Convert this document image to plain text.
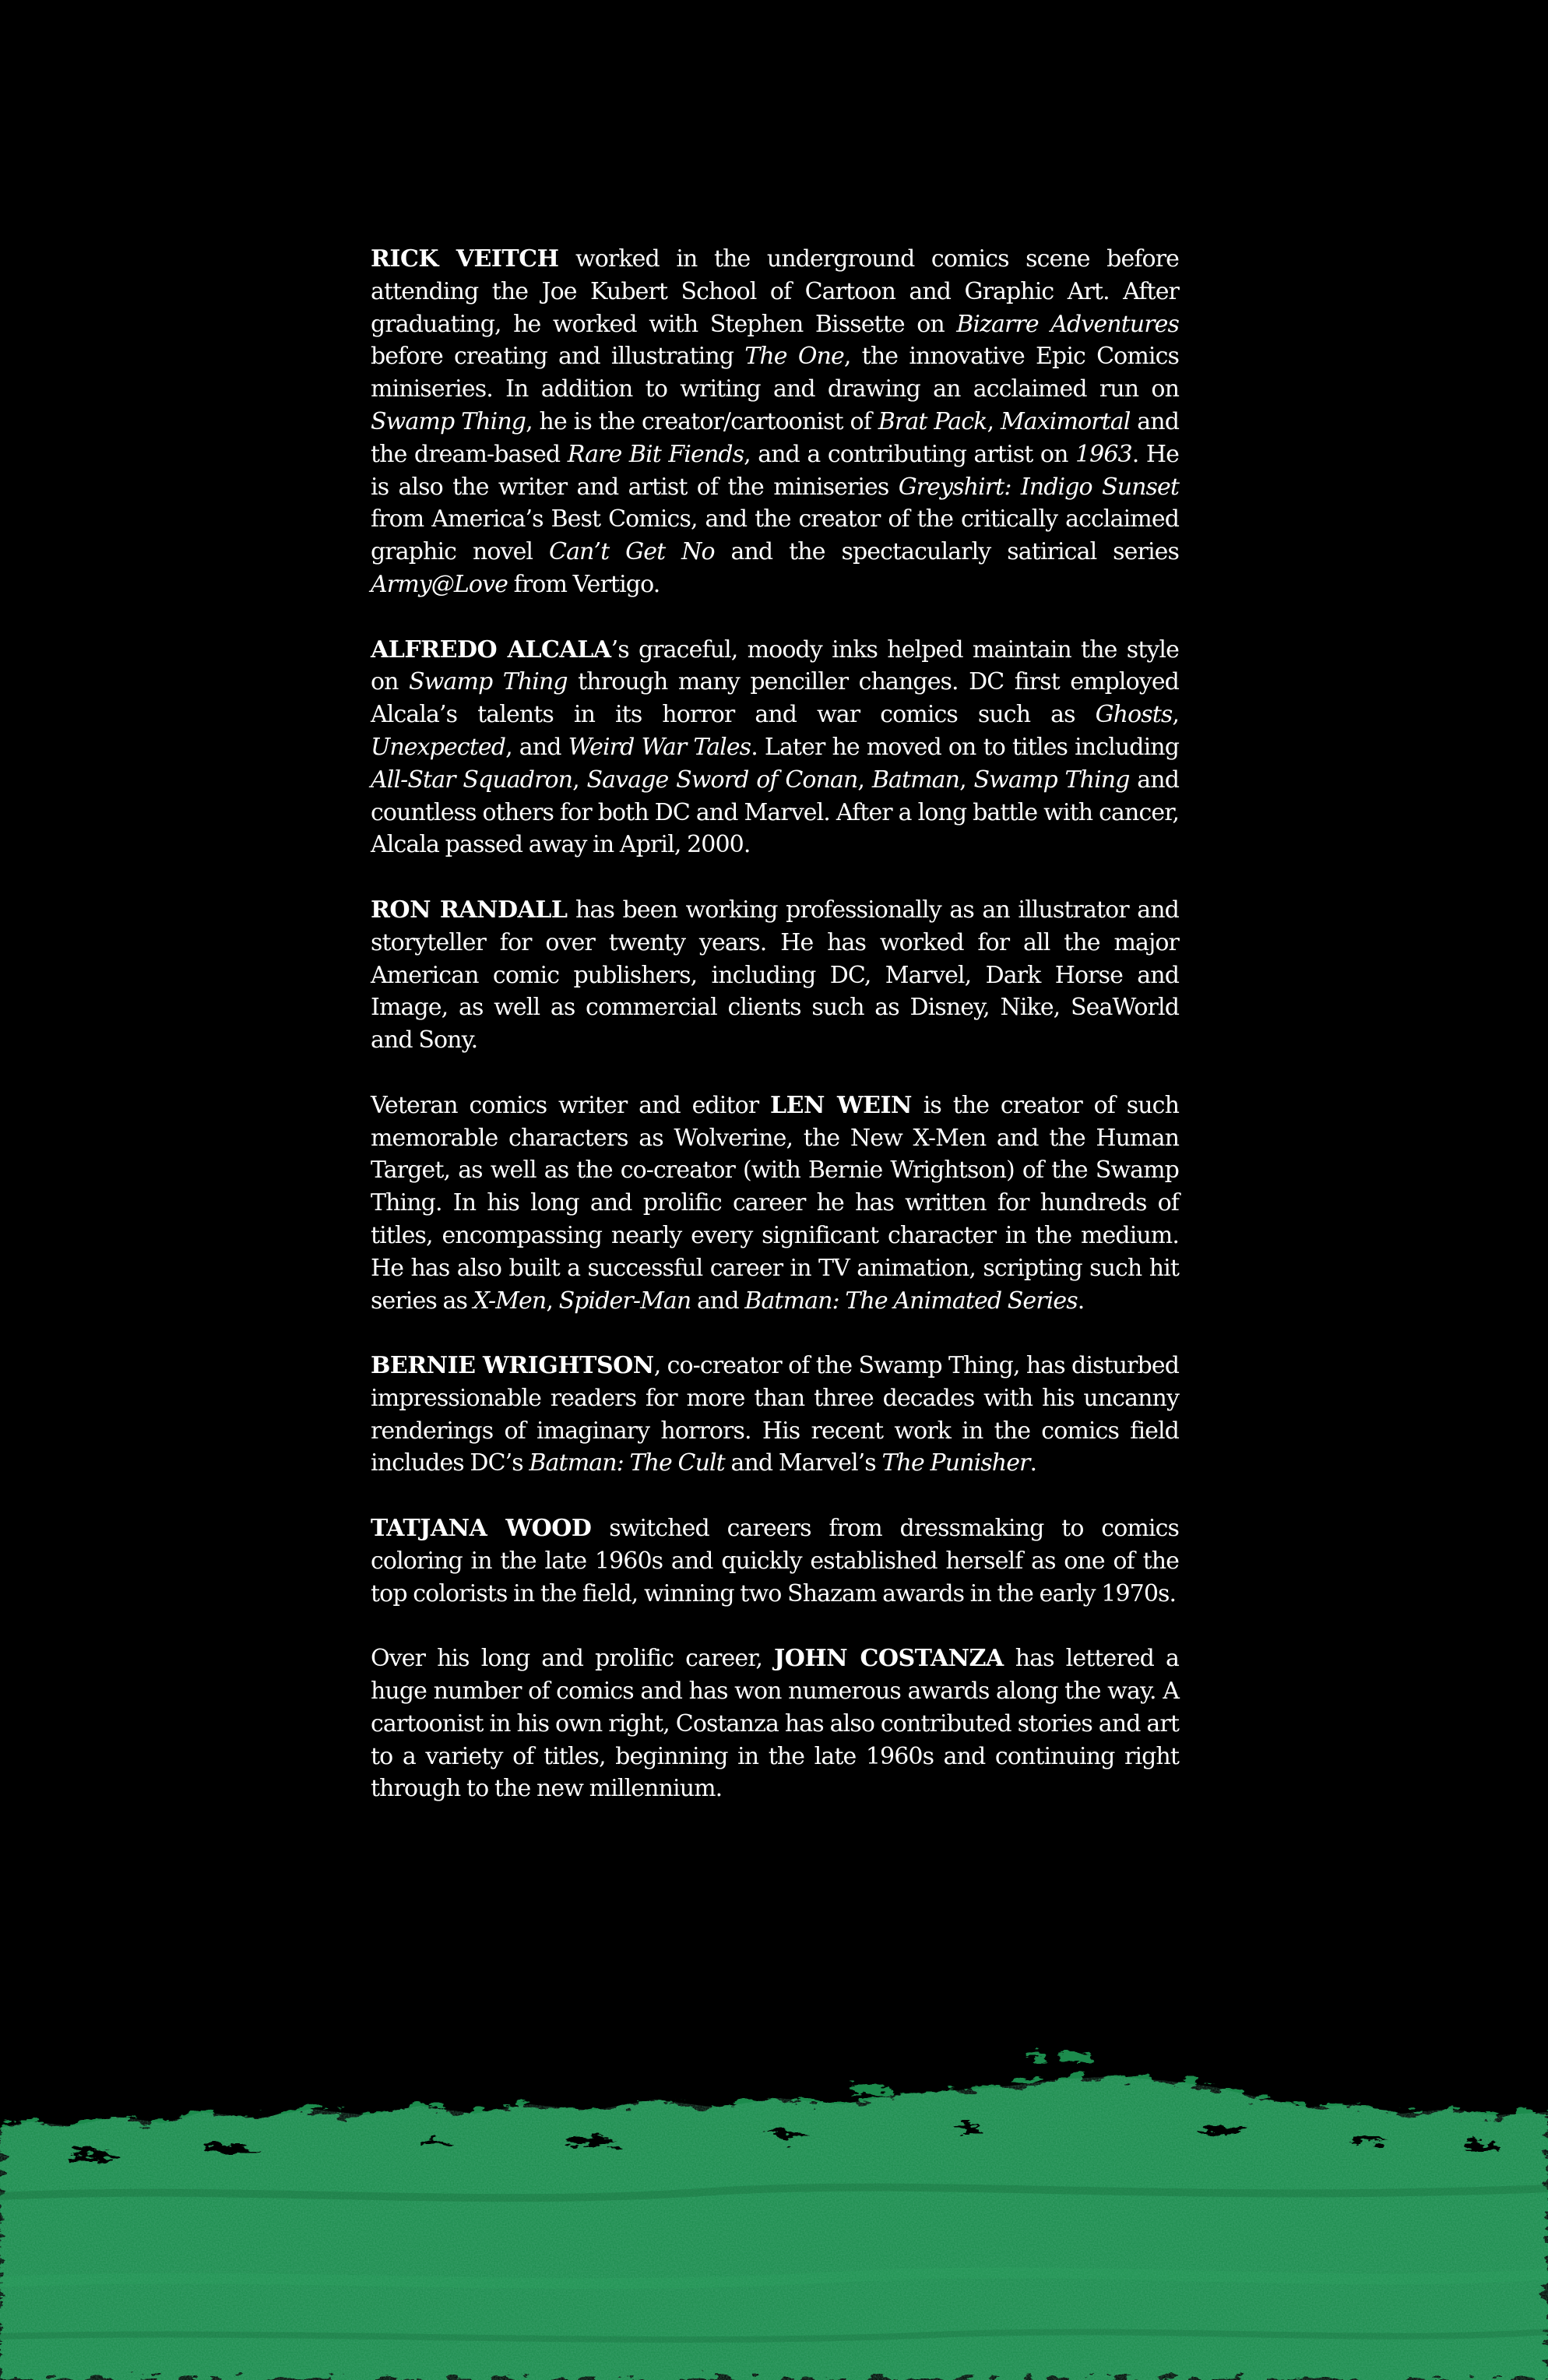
RICK VEITCH worked in the underground comics scene before attending the Joe Kubert School of Cartoon and Graphic Art. After graduating, he worked with Stephen Bissette on Bizarre Adventures before creating and illustrating The One, the innovative Epic Comics miniseries. In addition to writing and drawing an acclaimed run on Swamp Thing, he is the creator/cartoonist of Brat Pack, Maximortal and the dream-based Rare Bit Fiends, and a contributing artist on 1963. He is also the writer and artist of the miniseries Greyshirt: Indigo Sunset from America’s Best Comics, and the creator of the critically acclaimed graphic novel Can’t Get No and the spectacularly satirical series Army@Love from Vertigo.

ALFREDO ALCALA’s graceful, moody inks helped maintain the style on Swamp Thing through many penciller changes. DC first employed Alcala’s talents in its horror and war comics such as Ghosts, Unexpected, and Weird War Tales. Later he moved on to titles including All-Star Squadron, Savage Sword of Conan, Batman, Swamp Thing and countless others for both DC and Marvel. After a long battle with cancer, Alcala passed away in April, 2000.

RON RANDALL has been working professionally as an illustrator and storyteller for over twenty years. He has worked for all the major American comic publishers, including DC, Marvel, Dark Horse and Image, as well as commercial clients such as Disney, Nike, SeaWorld and Sony.

Veteran comics writer and editor LEN WEIN is the creator of such memorable characters as Wolverine, the New X-Men and the Human Target, as well as the co-creator (with Bernie Wrightson) of the Swamp Thing. In his long and prolific career he has written for hundreds of titles, encompassing nearly every significant character in the medium. He has also built a successful career in TV animation, scripting such hit series as X-Men, Spider-Man and Batman: The Animated Series.

BERNIE WRIGHTSON, co-creator of the Swamp Thing, has disturbed impressionable readers for more than three decades with his uncanny renderings of imaginary horrors. His recent work in the comics field includes DC’s Batman: The Cult and Marvel’s The Punisher.

TATJANA WOOD switched careers from dressmaking to comics coloring in the late 1960s and quickly established herself as one of the top colorists in the field, winning two Shazam awards in the early 1970s.

Over his long and prolific career, JOHN COSTANZA has lettered a huge number of comics and has won numerous awards along the way. A cartoonist in his own right, Costanza has also contributed stories and art to a variety of titles, beginning in the late 1960s and continuing right through to the new millennium.
